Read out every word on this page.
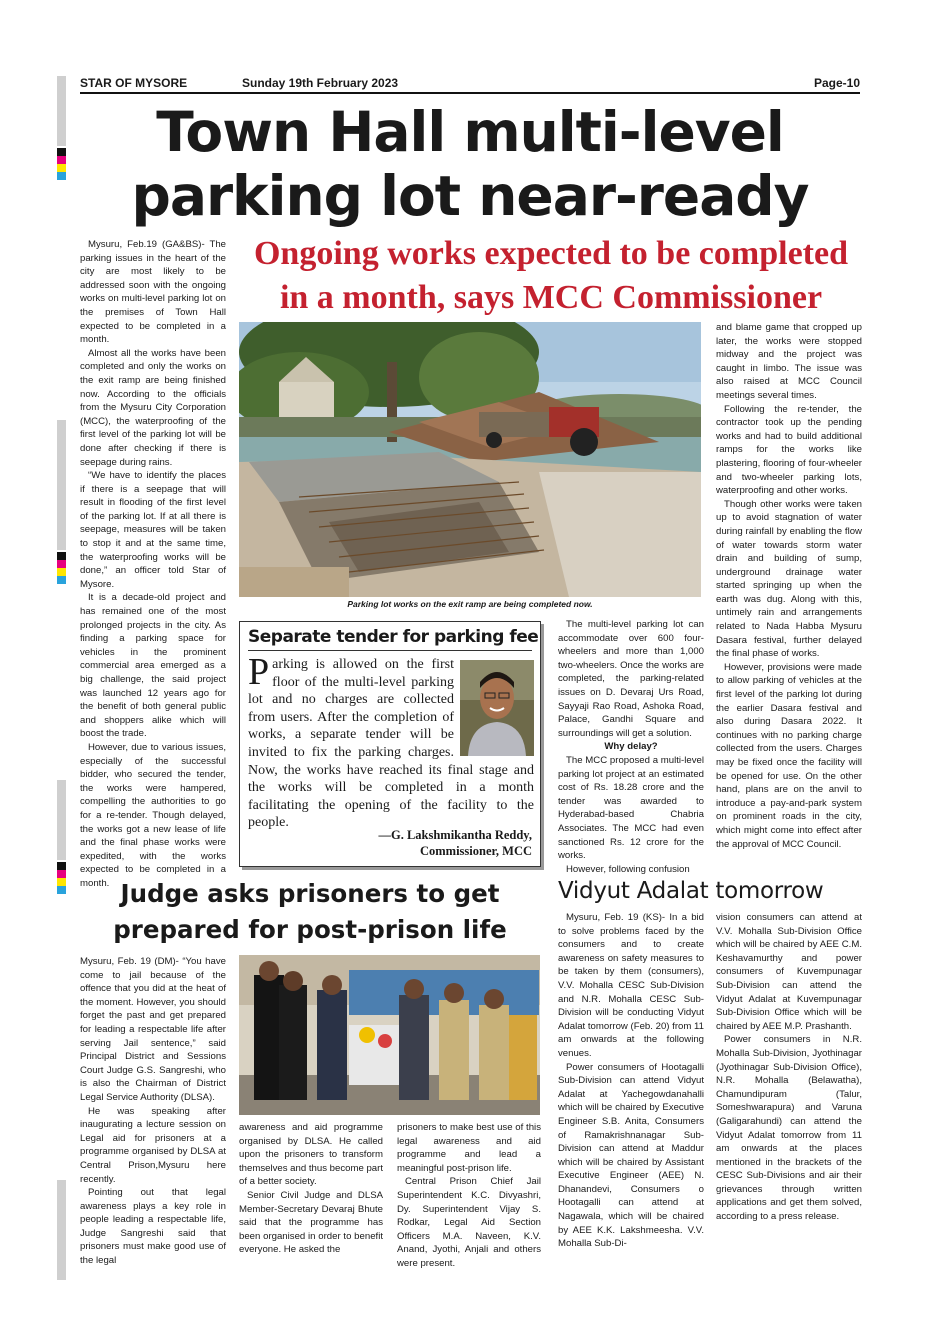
STAR OF MYSORE	Sunday 19th February 2023	Page-10
Town Hall multi-level
parking lot near-ready
Ongoing works expected to be completed
in a month, says MCC Commissioner

Mysuru, Feb.19 (GA&BS)- The parking issues in the heart of the city are most likely to be addressed soon with the ongoing works on multi-level parking lot on the premises of Town Hall expected to be completed in a month.

Almost all the works have been completed and only the works on the exit ramp are being finished now. According to the officials from the Mysuru City Corporation (MCC), the waterproofing of the first level of the parking lot will be done after checking if there is seepage during rains.

“We have to identify the places if there is a seepage that will result in flooding of the first level of the parking lot. If at all there is seepage, measures will be taken to stop it and at the same time, the waterproofing works will be done,” an officer told Star of Mysore.

It is a decade-old project and has remained one of the most prolonged projects in the city. As finding a parking space for vehicles in the prominent commercial area emerged as a big challenge, the said project was launched 12 years ago for the benefit of both general public and shoppers alike which will boost the trade.

However, due to various issues, especially of the successful bidder, who secured the tender, the works were hampered, compelling the authorities to go for a re-tender. Though delayed, the works got a new lease of life and the final phase works were expedited, with the works expected to be completed in a month.

Parking lot works on the exit ramp are being completed now.
Separate tender for parking fee
P arking is allowed on the first floor of the multi-level parking lot and no charges are collected from users. After the completion of works, a separate tender will be invited to fix the parking charges. Now, the works have reached its final stage and the works will be completed in a month facilitating the opening of the facility to the people.
—G. Lakshmikantha Reddy,
Commissioner, MCC

The multi-level parking lot can accommodate over 600 four-wheelers and more than 1,000 two-wheelers. Once the works are completed, the parking-related issues on D. Devaraj Urs Road, Sayyaji Rao Road, Ashoka Road, Palace, Gandhi Square and surroundings will get a solution.

Why delay?

The MCC proposed a multi-level parking lot project at an estimated cost of Rs. 18.28 crore and the tender was awarded to Hyderabad-based Chabria Associates. The MCC had even sanctioned Rs. 12 crore for the works.

However, following confusion

and blame game that cropped up later, the works were stopped midway and the project was caught in limbo. The issue was also raised at MCC Council meetings several times.

Following the re-tender, the contractor took up the pending works and had to build additional ramps for the works like plastering, flooring of four-wheeler and two-wheeler parking lots, waterproofing and other works.

Though other works were taken up to avoid stagnation of water during rainfall by enabling the flow of water towards storm water drain and building of sump, underground drainage water started springing up when the earth was dug. Along with this, untimely rain and arrangements related to Nada Habba Mysuru Dasara festival, further delayed the final phase of works.

However, provisions were made to allow parking of vehicles at the first level of the parking lot during the earlier Dasara festival and also during Dasara 2022. It continues with no parking charge collected from the users. Charges may be fixed once the facility will be opened for use. On the other hand, plans are on the anvil to introduce a pay-and-park system on prominent roads in the city, which might come into effect after the approval of MCC Council.

Judge asks prisoners to get
prepared for post-prison life

Mysuru, Feb. 19 (DM)- “You have come to jail because of the offence that you did at the heat of the moment. However, you should forget the past and get prepared for leading a respectable life after serving Jail sentence,” said Principal District and Sessions Court Judge G.S. Sangreshi, who is also the Chairman of District Legal Service Authority (DLSA).

He was speaking after inaugurating a lecture session on Legal aid for prisoners at a programme organised by DLSA at Central Prison,Mysuru here recently.

Pointing out that legal awareness plays a key role in people leading a respectable life, Judge Sangreshi said that prisoners must make good use of the legal

awareness and aid programme organised by DLSA. He called upon the prisoners to transform themselves and thus become part of a better society.

Senior Civil Judge and DLSA Member-Secretary Devaraj Bhute said that the programme has been organised in order to benefit everyone. He asked the

prisoners to make best use of this legal awareness and aid programme and lead a meaningful post-prison life.

Central Prison Chief Jail Superintendent K.C. Divyashri, Dy. Superintendent Vijay S. Rodkar, Legal Aid Section Officers M.A. Naveen, K.V. Anand, Jyothi, Anjali and others were present.

Vidyut Adalat tomorrow

Mysuru, Feb. 19 (KS)- In a bid to solve problems faced by the consumers and to create awareness on safety measures to be taken by them (consumers), V.V. Mohalla CESC Sub-Division and N.R. Mohalla CESC Sub-Division will be conducting Vidyut Adalat tomorrow (Feb. 20) from 11 am onwards at the following venues.

Power consumers of Hootagalli Sub-Division can attend Vidyut Adalat at Yachegowdanahalli which will be chaired by Executive Engineer S.B. Anita, Consumers of Ramakrishnanagar Sub-Division can attend at Maddur which will be chaired by Assistant Executive Engineer (AEE) N. Dhanandevi, Consumers o Hootagalli can attend at Nagawala, which will be chaired by AEE K.K. Lakshmeesha. V.V. Mohalla Sub-Di-

vision consumers can attend at V.V. Mohalla Sub-Division Office which will be chaired by AEE C.M. Keshavamurthy and power consumers of Kuvempunagar Sub-Division can attend the Vidyut Adalat at Kuvempunagar Sub-Division Office which will be chaired by AEE M.P. Prashanth.

Power consumers in N.R. Mohalla Sub-Division, Jyothinagar (Jyothinagar Sub-Division Office), N.R. Mohalla (Belawatha), Chamundipuram (Talur, Someshwarapura) and Varuna (Galigarahundi) can attend the Vidyut Adalat tomorrow from 11 am onwards at the places mentioned in the brackets of the CESC Sub-Divisions and air their grievances through written applications and get them solved, according to a press release.
